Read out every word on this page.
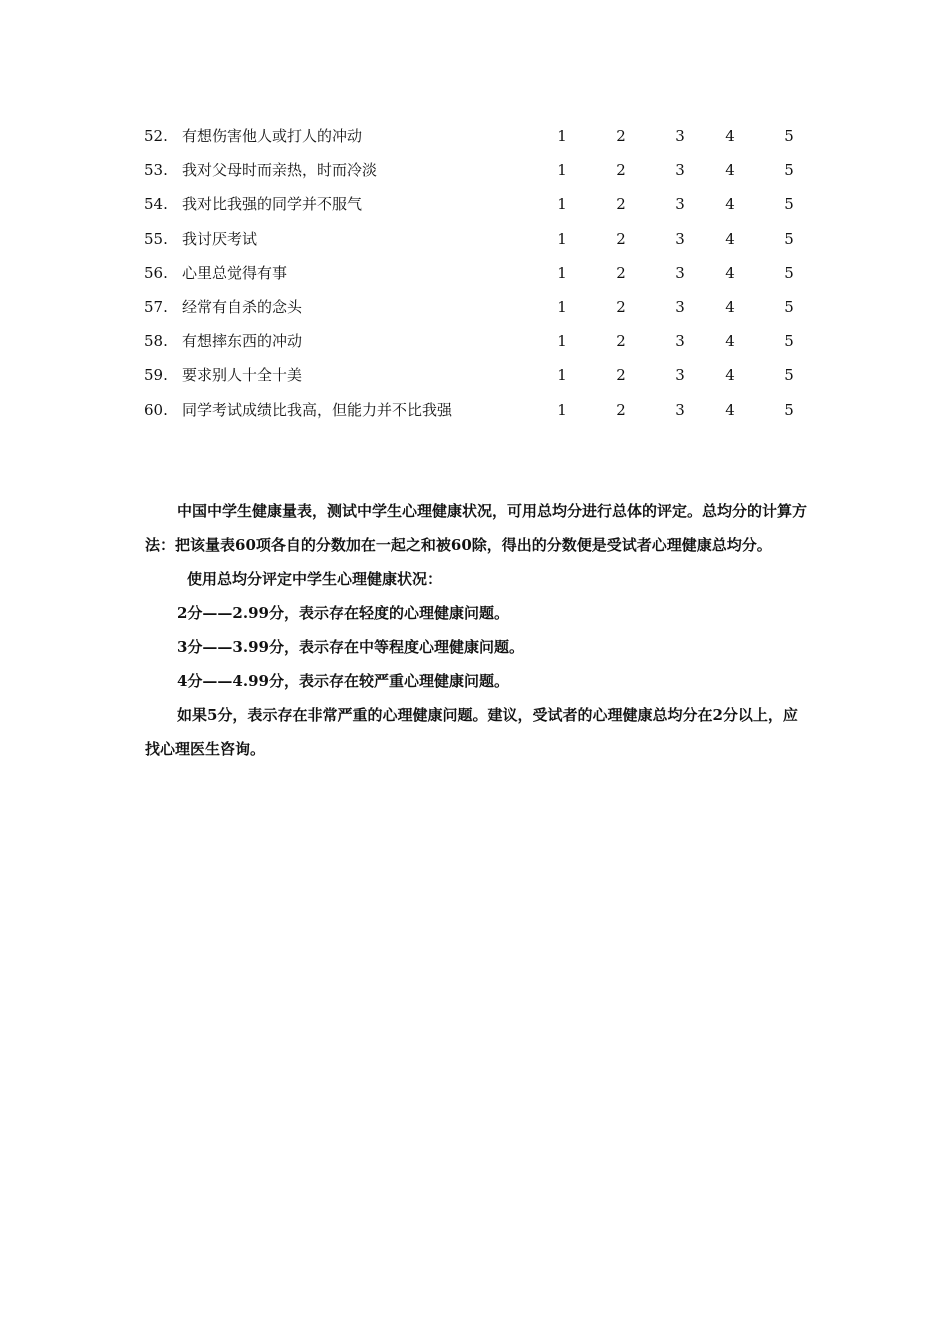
52. 有想伤害他人或打人的冲动	1	2	3	4	5
53. 我对父母时而亲热，时而冷淡	1	2	3	4	5
54. 我对比我强的同学并不服气	1	2	3	4	5
55. 我讨厌考试	1	2	3	4	5
56. 心里总觉得有事	1	2	3	4	5
57. 经常有自杀的念头	1	2	3	4	5
58. 有想摔东西的冲动	1	2	3	4	5
59. 要求别人十全十美	1	2	3	4	5
60. 同学考试成绩比我高，但能力并不比我强	1	2	3	4	5

中国中学生健康量表，测试中学生心理健康状况，可用总均分进行总体的评定。总均分的计算方法：把该量表60项各自的分数加在一起之和被60除，得出的分数便是受试者心理健康总均分。

使用总均分评定中学生心理健康状况：

2分——2.99分，表示存在轻度的心理健康问题。

3分——3.99分，表示存在中等程度心理健康问题。

4分——4.99分，表示存在较严重心理健康问题。

如果5分，表示存在非常严重的心理健康问题。建议，受试者的心理健康总均分在2分以上，应找心理医生咨询。
